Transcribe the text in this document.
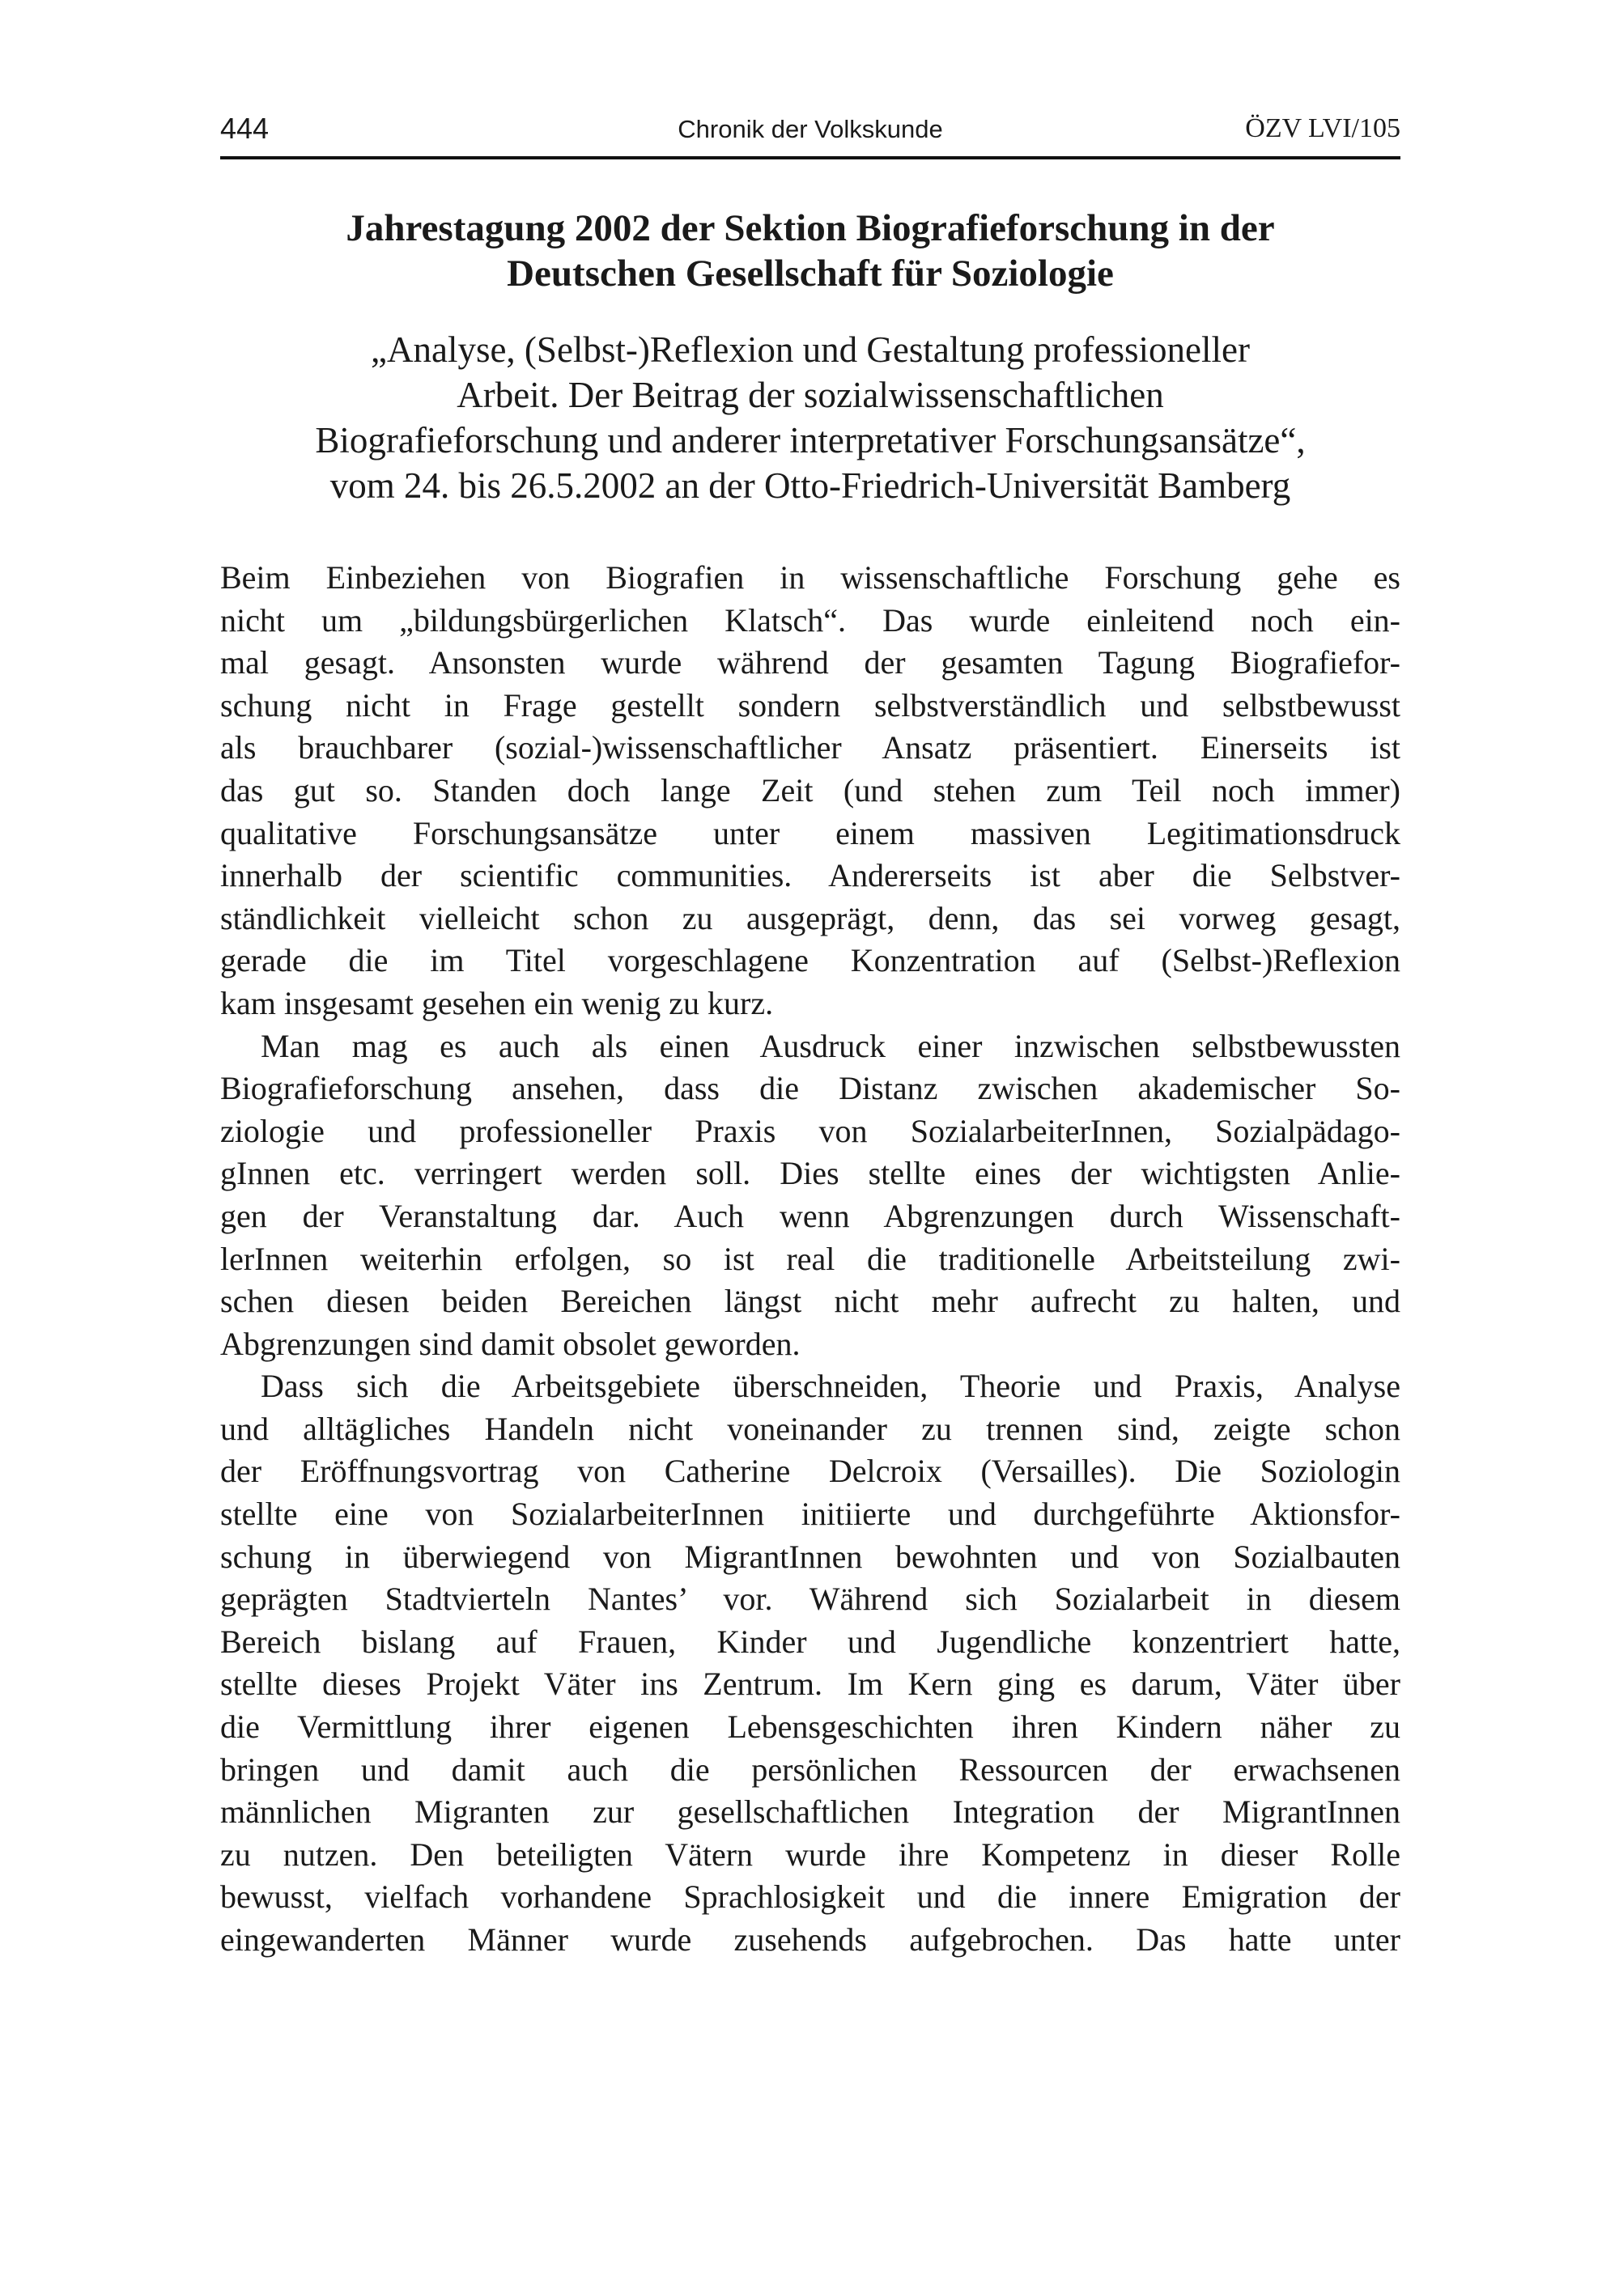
444	Chronik der Volkskunde	ÖZV LVI/105
Jahrestagung 2002 der Sektion Biografieforschung in der
Deutschen Gesellschaft für Soziologie
„Analyse, (Selbst-)Reflexion und Gestaltung professioneller
Arbeit. Der Beitrag der sozialwissenschaftlichen
Biografieforschung und anderer interpretativer Forschungsansätze“,
vom 24. bis 26.5.2002 an der Otto-Friedrich-Universität Bamberg
Beim Einbeziehen von Biografien in wissenschaftliche Forschung gehe es
nicht um „bildungsbürgerlichen Klatsch“. Das wurde einleitend noch ein-
mal gesagt. Ansonsten wurde während der gesamten Tagung Biografiefor-
schung nicht in Frage gestellt sondern selbstverständlich und selbstbewusst
als brauchbarer (sozial-)wissenschaftlicher Ansatz präsentiert. Einerseits ist
das gut so. Standen doch lange Zeit (und stehen zum Teil noch immer)
qualitative Forschungsansätze unter einem massiven Legitimationsdruck
innerhalb der scientific communities. Andererseits ist aber die Selbstver-
ständlichkeit vielleicht schon zu ausgeprägt, denn, das sei vorweg gesagt,
gerade die im Titel vorgeschlagene Konzentration auf (Selbst-)Reflexion
kam insgesamt gesehen ein wenig zu kurz.
Man mag es auch als einen Ausdruck einer inzwischen selbstbewussten
Biografieforschung ansehen, dass die Distanz zwischen akademischer So-
ziologie und professioneller Praxis von SozialarbeiterInnen, Sozialpädago-
gInnen etc. verringert werden soll. Dies stellte eines der wichtigsten Anlie-
gen der Veranstaltung dar. Auch wenn Abgrenzungen durch Wissenschaft-
lerInnen weiterhin erfolgen, so ist real die traditionelle Arbeitsteilung zwi-
schen diesen beiden Bereichen längst nicht mehr aufrecht zu halten, und
Abgrenzungen sind damit obsolet geworden.
Dass sich die Arbeitsgebiete überschneiden, Theorie und Praxis, Analyse
und alltägliches Handeln nicht voneinander zu trennen sind, zeigte schon
der Eröffnungsvortrag von Catherine Delcroix (Versailles). Die Soziologin
stellte eine von SozialarbeiterInnen initiierte und durchgeführte Aktionsfor-
schung in überwiegend von MigrantInnen bewohnten und von Sozialbauten
geprägten Stadtvierteln Nantes’ vor. Während sich Sozialarbeit in diesem
Bereich bislang auf Frauen, Kinder und Jugendliche konzentriert hatte,
stellte dieses Projekt Väter ins Zentrum. Im Kern ging es darum, Väter über
die Vermittlung ihrer eigenen Lebensgeschichten ihren Kindern näher zu
bringen und damit auch die persönlichen Ressourcen der erwachsenen
männlichen Migranten zur gesellschaftlichen Integration der MigrantInnen
zu nutzen. Den beteiligten Vätern wurde ihre Kompetenz in dieser Rolle
bewusst, vielfach vorhandene Sprachlosigkeit und die innere Emigration der
eingewanderten Männer wurde zusehends aufgebrochen. Das hatte unter
